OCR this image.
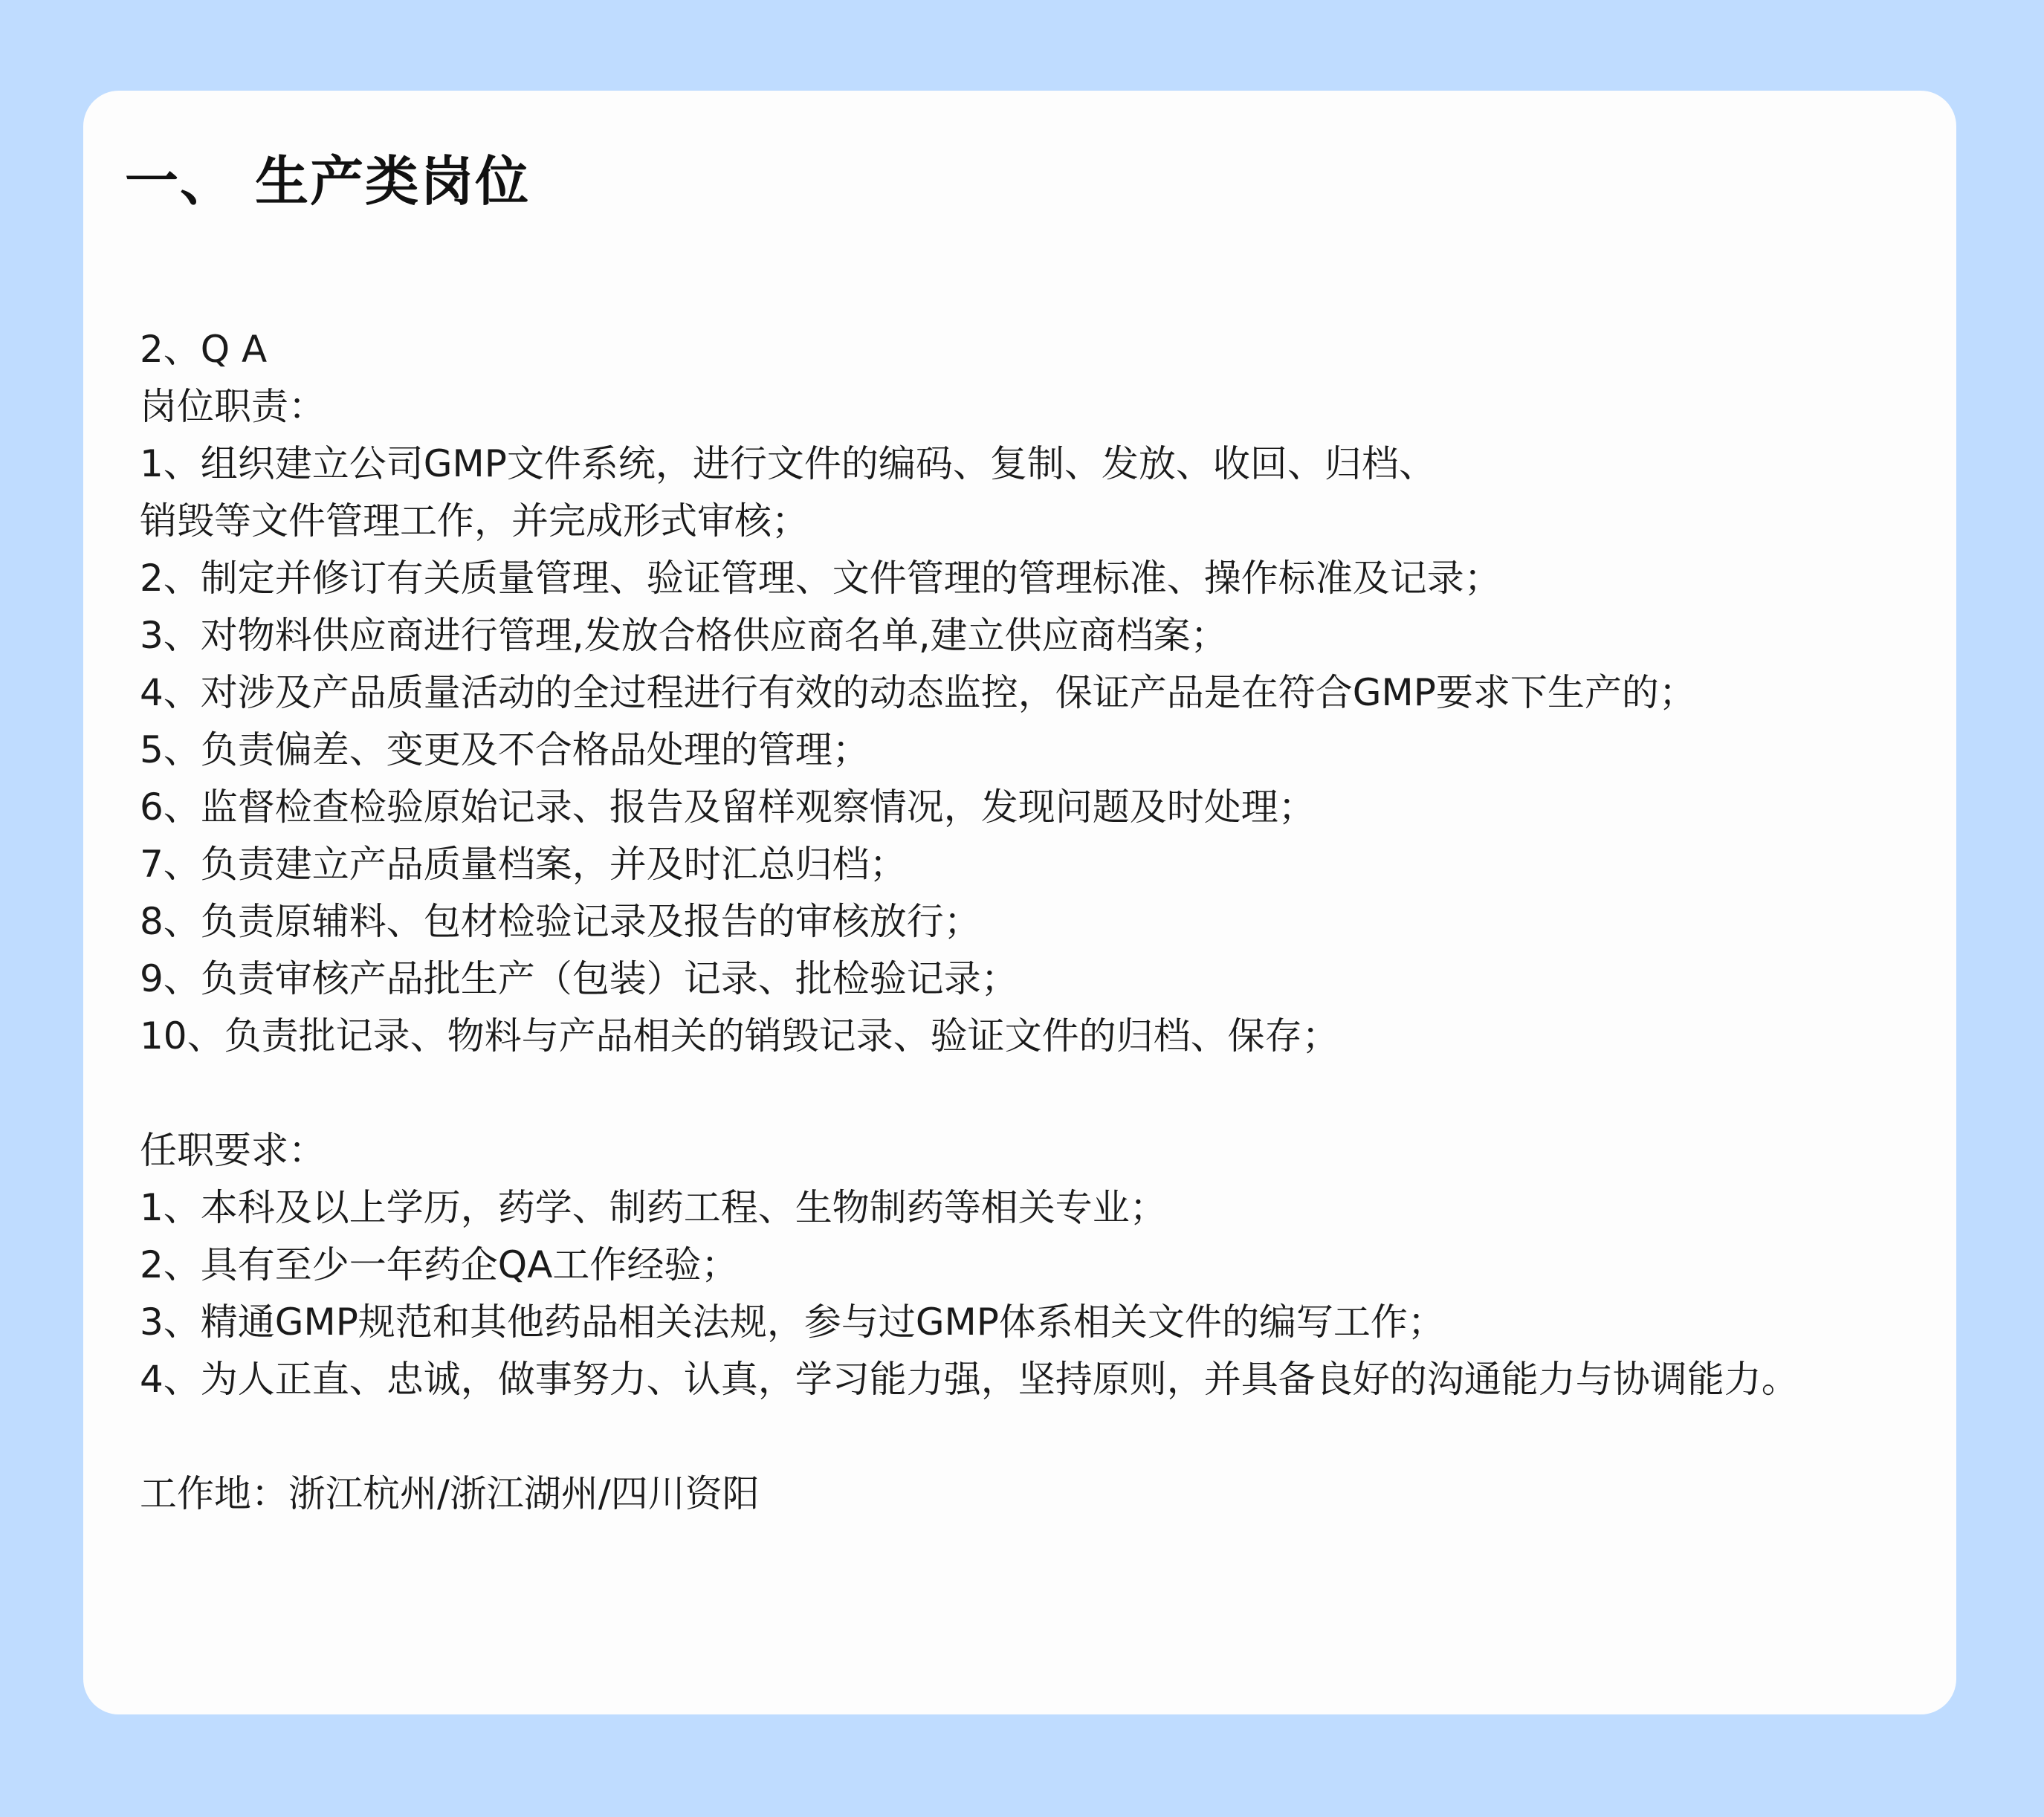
一、 生产类岗位
2、Q A
岗位职责：
1、组织建立公司GMP文件系统，进行文件的编码、复制、发放、收回、归档、
销毁等文件管理工作，并完成形式审核；
2、制定并修订有关质量管理、验证管理、文件管理的管理标准、操作标准及记录；
3、对物料供应商进行管理,发放合格供应商名单,建立供应商档案；
4、对涉及产品质量活动的全过程进行有效的动态监控，保证产品是在符合GMP要求下生产的；
5、负责偏差、变更及不合格品处理的管理；
6、监督检查检验原始记录、报告及留样观察情况，发现问题及时处理；
7、负责建立产品质量档案，并及时汇总归档；
8、负责原辅料、包材检验记录及报告的审核放行；
9、负责审核产品批生产（包装）记录、批检验记录；
10、负责批记录、物料与产品相关的销毁记录、验证文件的归档、保存；
任职要求：
1、本科及以上学历，药学、制药工程、生物制药等相关专业；
2、具有至少一年药企QA工作经验；
3、精通GMP规范和其他药品相关法规，参与过GMP体系相关文件的编写工作；
4、为人正直、忠诚，做事努力、认真，学习能力强，坚持原则，并具备良好的沟通能力与协调能力。
工作地：浙江杭州/浙江湖州/四川资阳
